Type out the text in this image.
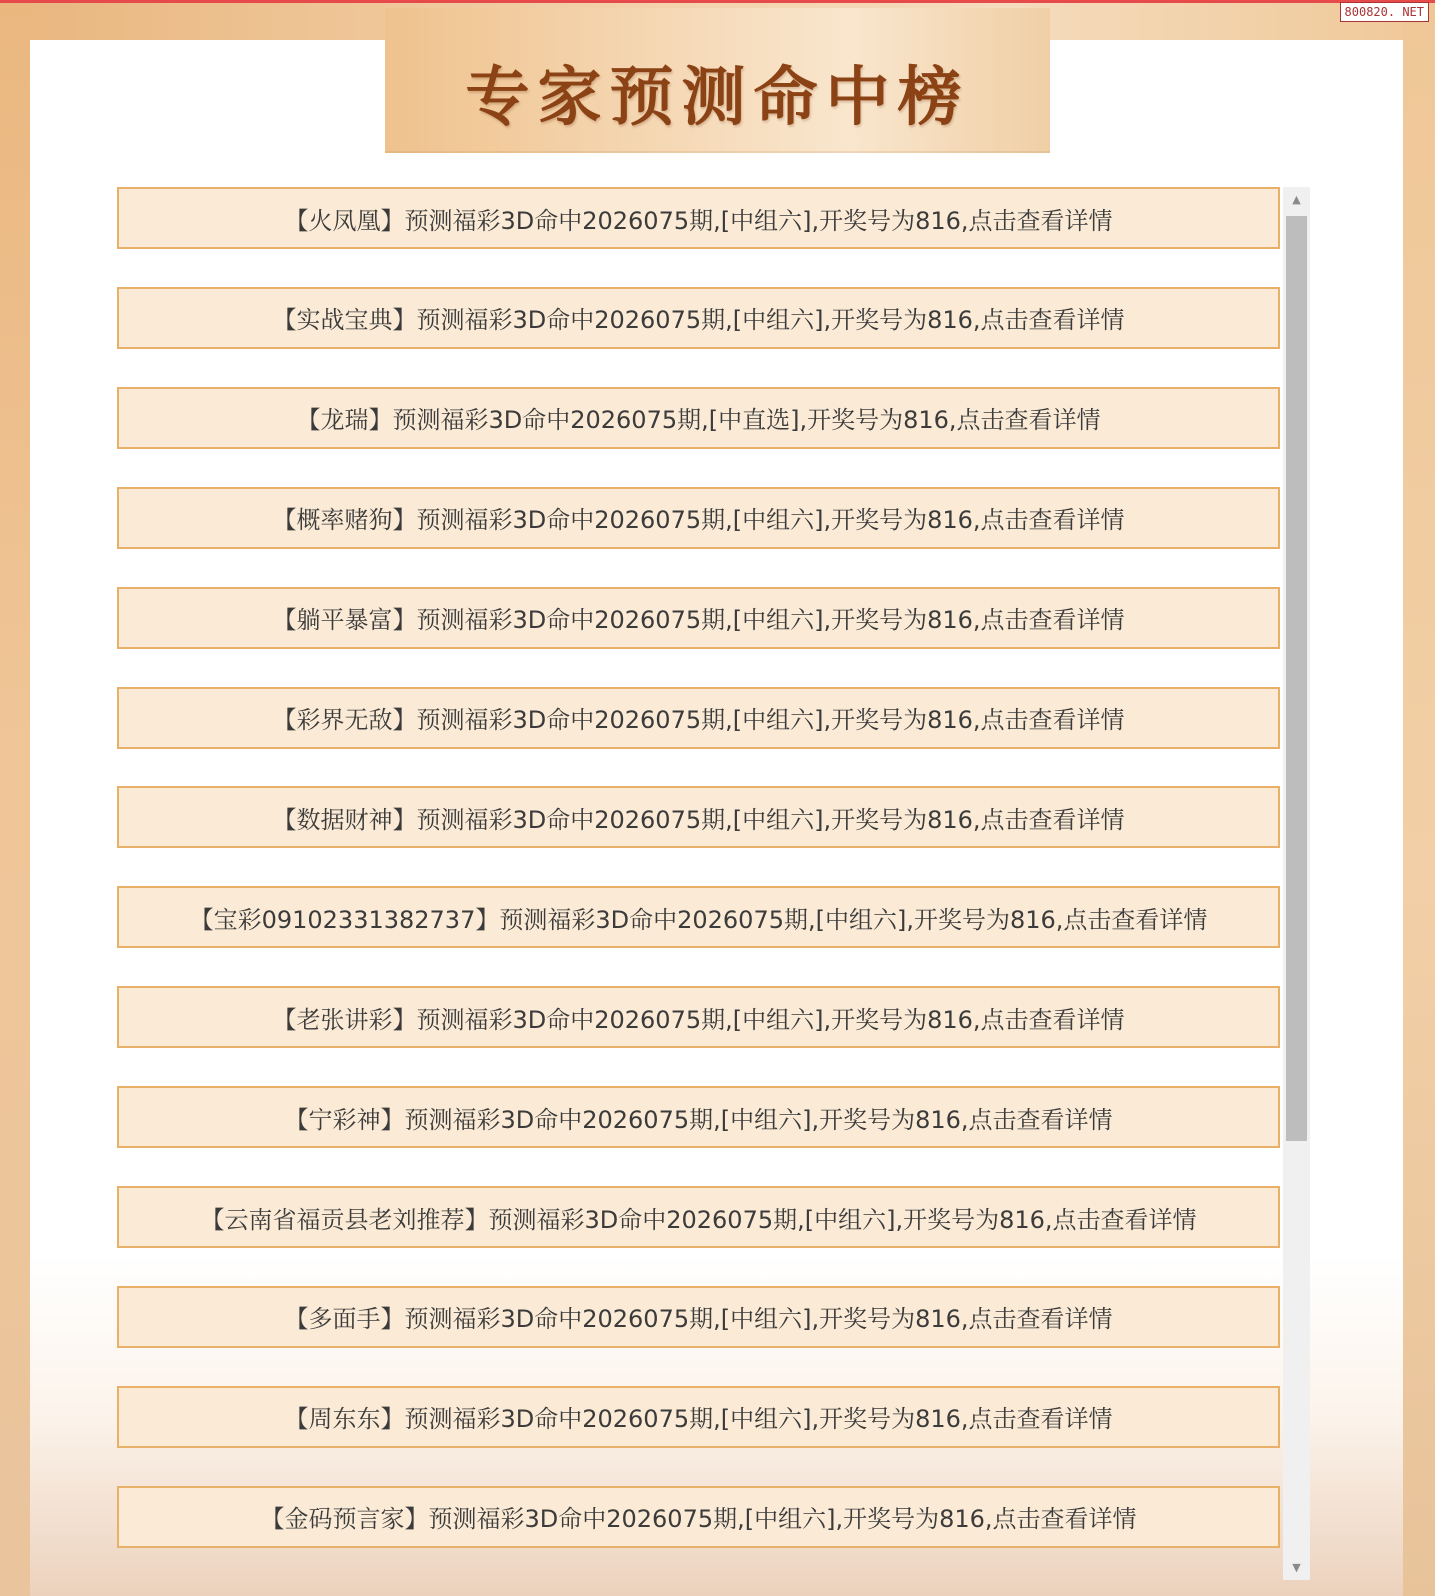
专家预测命中榜
800820. NET
【火凤凰】预测福彩3D命中2026075期,[中组六],开奖号为816,点击查看详情
【实战宝典】预测福彩3D命中2026075期,[中组六],开奖号为816,点击查看详情
【龙瑞】预测福彩3D命中2026075期,[中直选],开奖号为816,点击查看详情
【概率赌狗】预测福彩3D命中2026075期,[中组六],开奖号为816,点击查看详情
【躺平暴富】预测福彩3D命中2026075期,[中组六],开奖号为816,点击查看详情
【彩界无敌】预测福彩3D命中2026075期,[中组六],开奖号为816,点击查看详情
【数据财神】预测福彩3D命中2026075期,[中组六],开奖号为816,点击查看详情
【宝彩09102331382737】预测福彩3D命中2026075期,[中组六],开奖号为816,点击查看详情
【老张讲彩】预测福彩3D命中2026075期,[中组六],开奖号为816,点击查看详情
【宁彩神】预测福彩3D命中2026075期,[中组六],开奖号为816,点击查看详情
【云南省福贡县老刘推荐】预测福彩3D命中2026075期,[中组六],开奖号为816,点击查看详情
【多面手】预测福彩3D命中2026075期,[中组六],开奖号为816,点击查看详情
【周东东】预测福彩3D命中2026075期,[中组六],开奖号为816,点击查看详情
【金码预言家】预测福彩3D命中2026075期,[中组六],开奖号为816,点击查看详情
▲
▼
